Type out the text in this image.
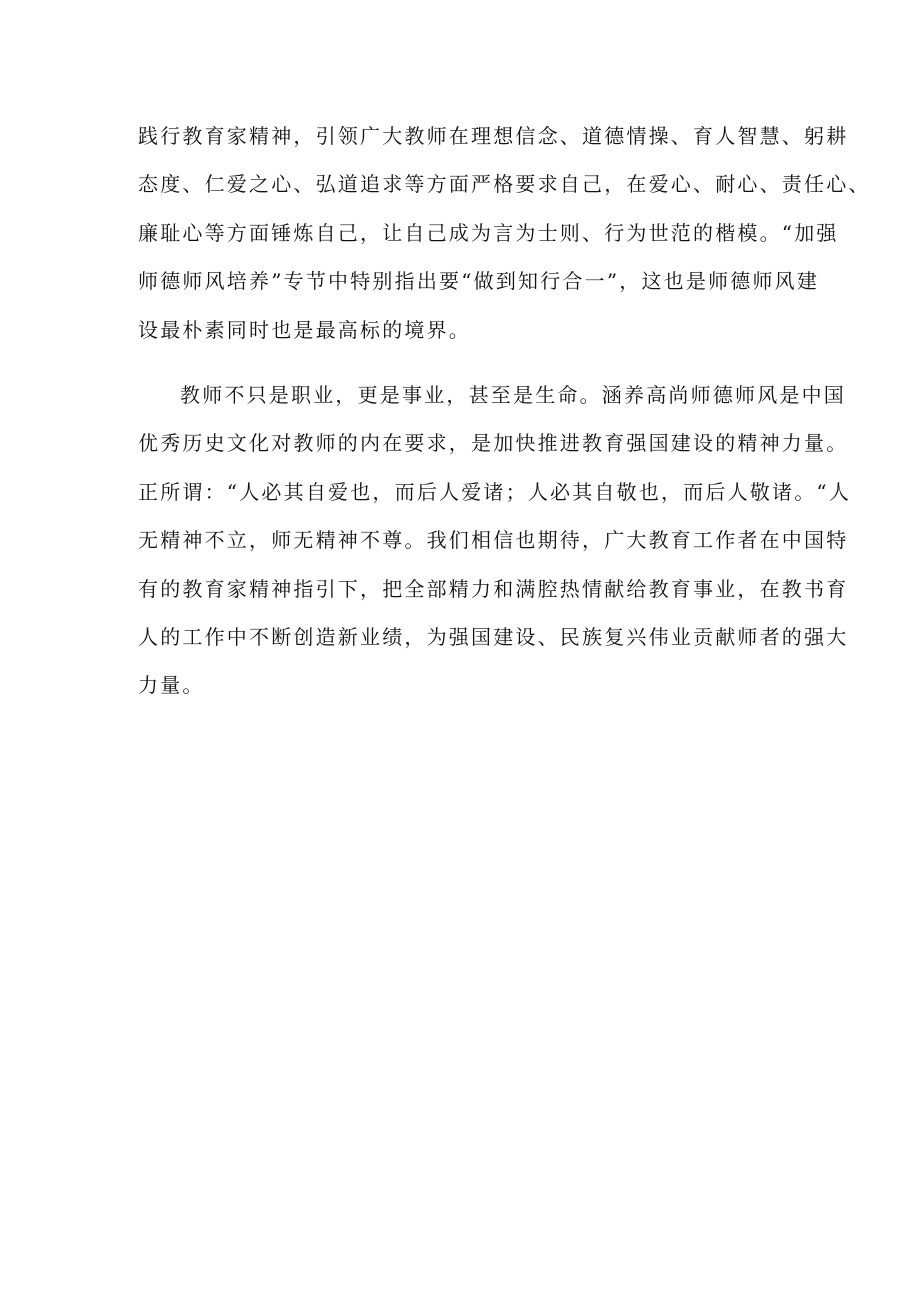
践行教育家精神，引领广大教师在理想信念、道德情操、育人智慧、躬耕
态度、仁爱之心、弘道追求等方面严格要求自己，在爱心、耐心、责任心、
廉耻心等方面锤炼自己，让自己成为言为士则、行为世范的楷模。“加强
师德师风培养”专节中特别指出要“做到知行合一”，这也是师德师风建
设最朴素同时也是最高标的境界。
教师不只是职业，更是事业，甚至是生命。涵养高尚师德师风是中国
优秀历史文化对教师的内在要求，是加快推进教育强国建设的精神力量。
正所谓：“人必其自爱也，而后人爱诸；人必其自敬也，而后人敬诸。“人
无精神不立，师无精神不尊。我们相信也期待，广大教育工作者在中国特
有的教育家精神指引下，把全部精力和满腔热情献给教育事业，在教书育
人的工作中不断创造新业绩，为强国建设、民族复兴伟业贡献师者的强大
力量。
